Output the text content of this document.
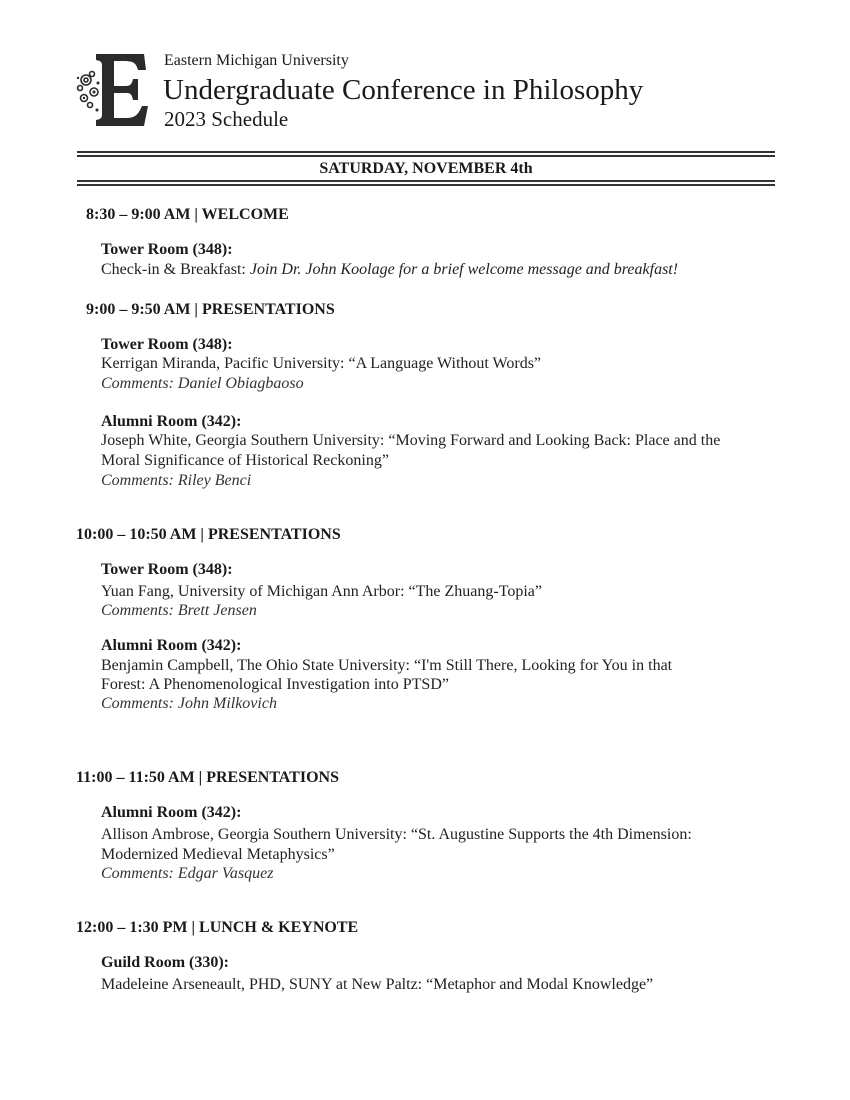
Eastern Michigan University
Undergraduate Conference in Philosophy
2023 Schedule
SATURDAY, NOVEMBER 4th
8:30 – 9:00 AM | WELCOME
Tower Room (348):
Check-in & Breakfast: Join Dr. John Koolage for a brief welcome message and breakfast!
9:00 – 9:50 AM | PRESENTATIONS
Tower Room (348):
Kerrigan Miranda, Pacific University: “A Language Without Words”
Comments: Daniel Obiagbaoso
Alumni Room (342):
Joseph White, Georgia Southern University: “Moving Forward and Looking Back: Place and the
Moral Significance of Historical Reckoning”
Comments: Riley Benci
10:00 – 10:50 AM | PRESENTATIONS
Tower Room (348):
Yuan Fang, University of Michigan Ann Arbor: “The Zhuang-Topia”
Comments: Brett Jensen
Alumni Room (342):
Benjamin Campbell, The Ohio State University: “I'm Still There, Looking for You in that
Forest: A Phenomenological Investigation into PTSD”
Comments: John Milkovich
11:00 – 11:50 AM | PRESENTATIONS
Alumni Room (342):
Allison Ambrose, Georgia Southern University: “St. Augustine Supports the 4th Dimension:
Modernized Medieval Metaphysics”
Comments: Edgar Vasquez
12:00 – 1:30 PM | LUNCH & KEYNOTE
Guild Room (330):
Madeleine Arseneault, PHD, SUNY at New Paltz: “Metaphor and Modal Knowledge”
